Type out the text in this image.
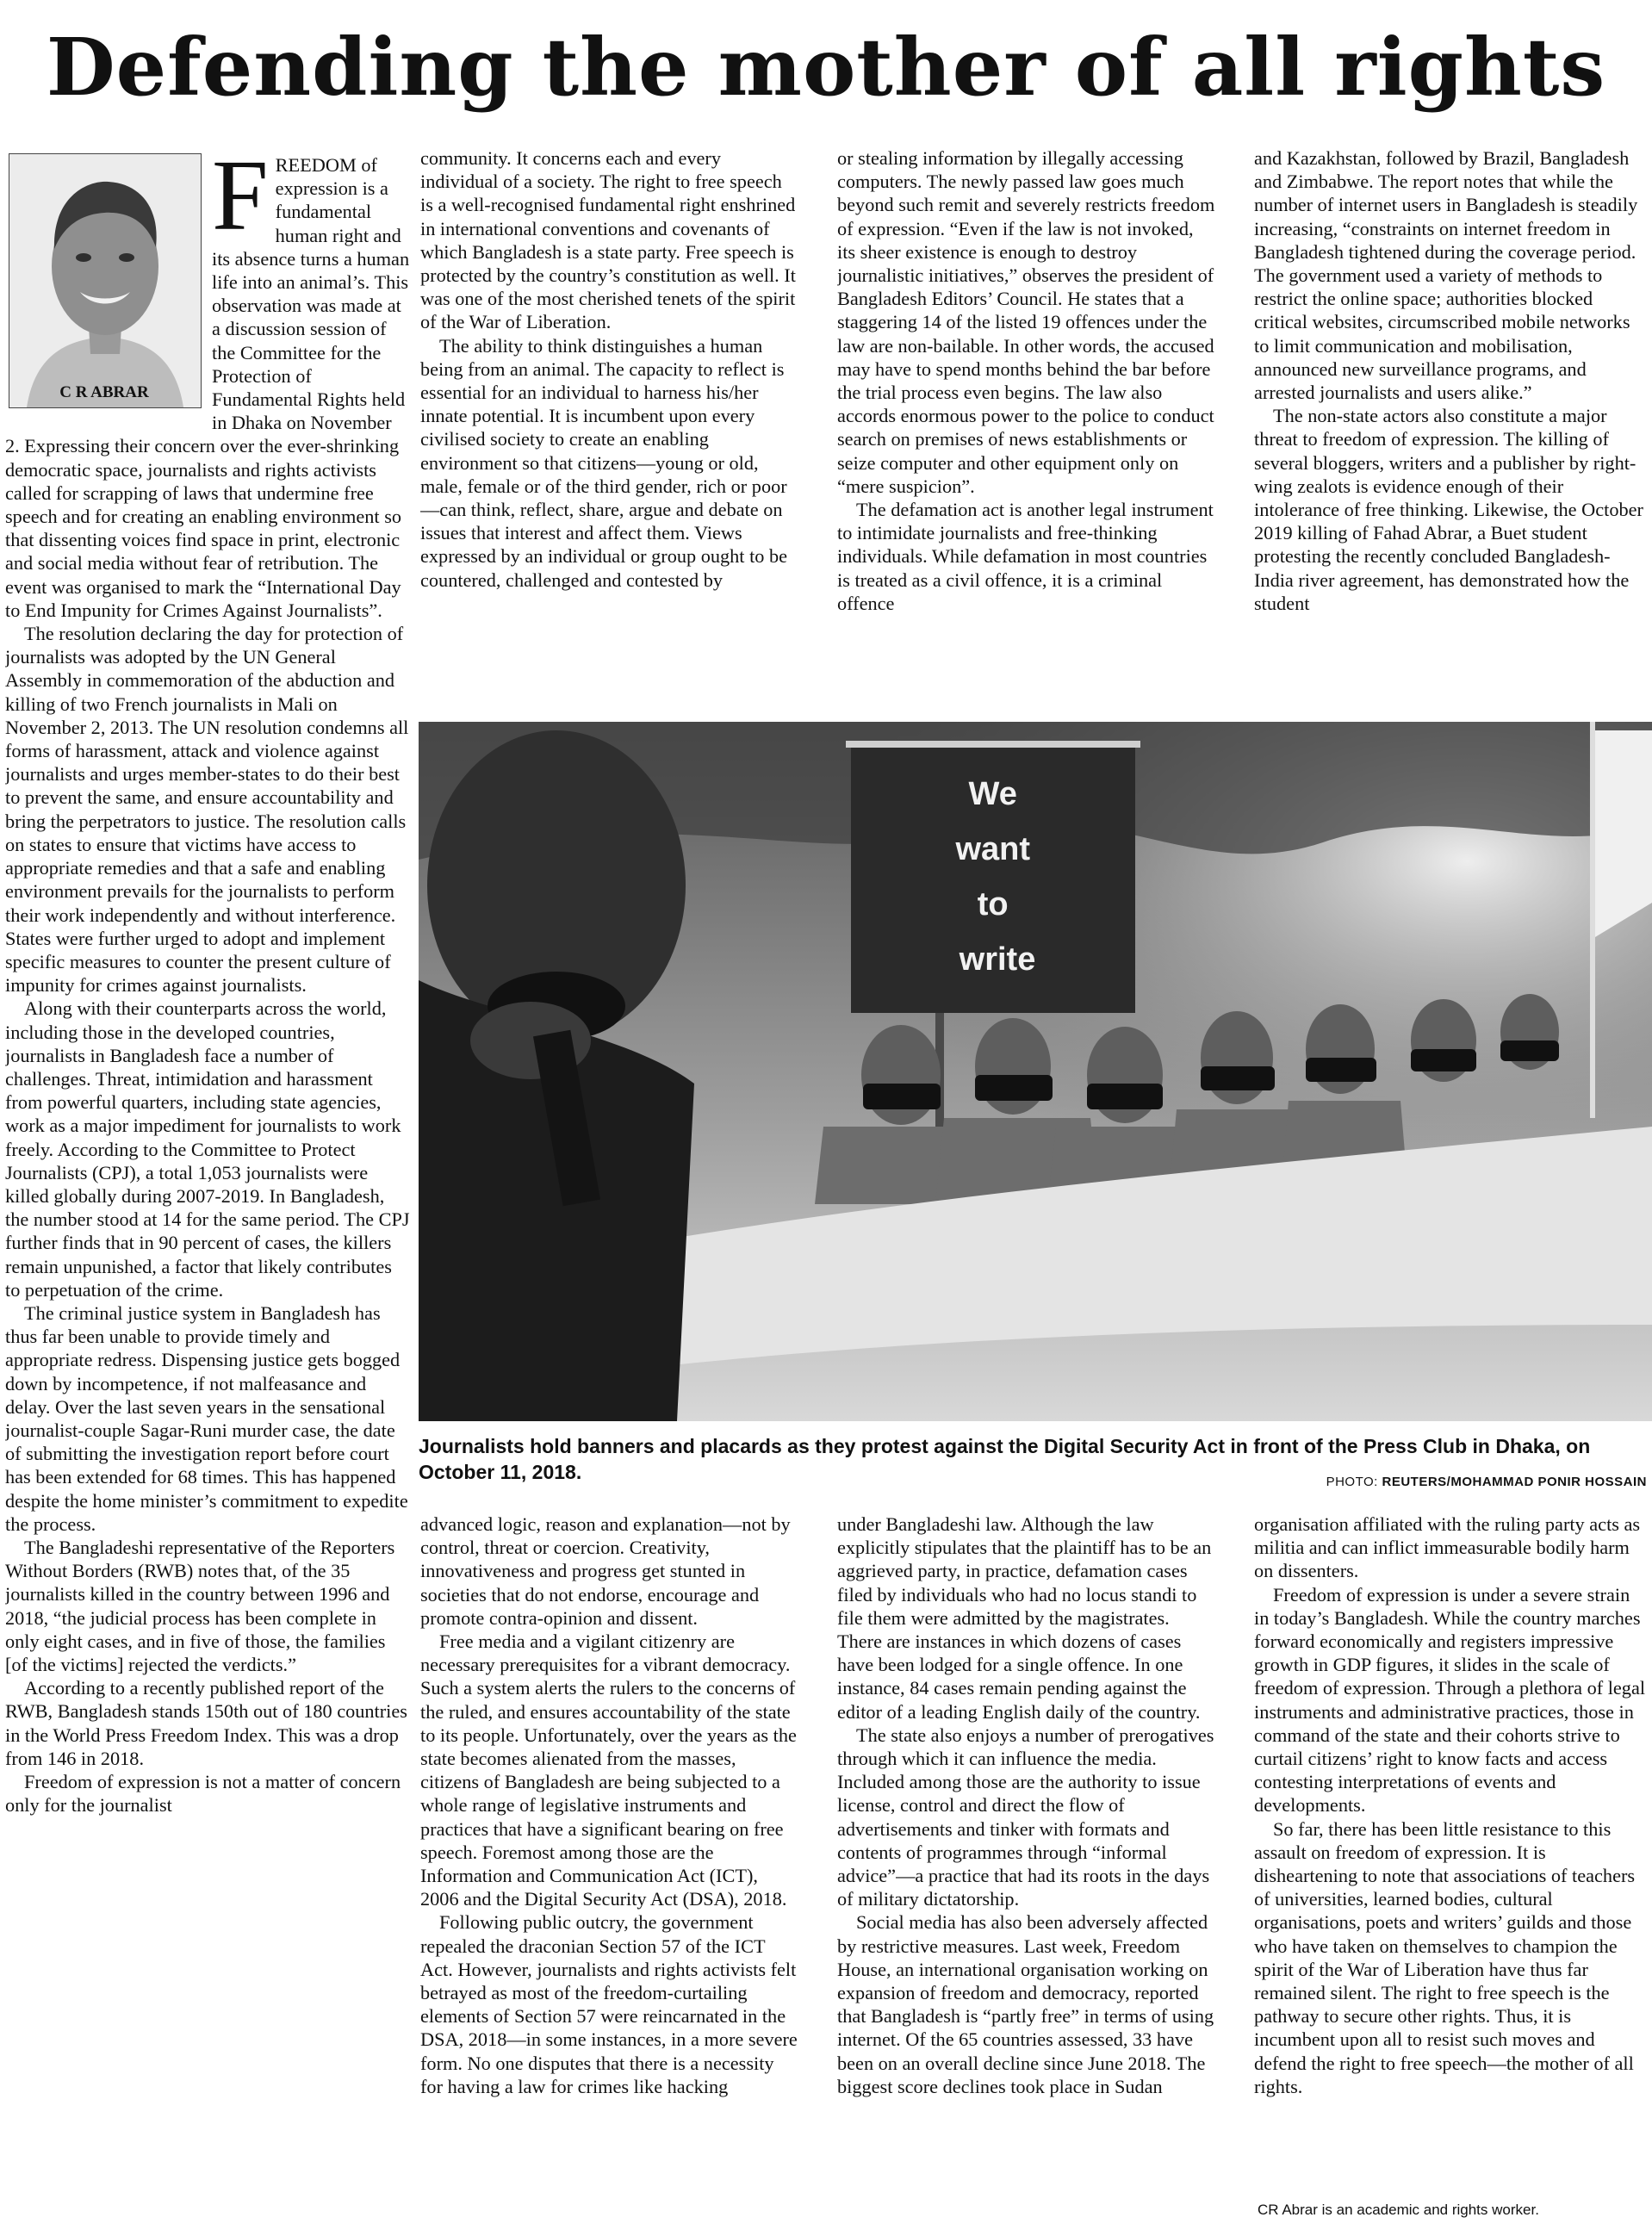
Defending the mother of all rights
C R ABRAR

FREEDOM of expression is a fundamental human right and its absence turns a human life into an animal’s. This observation was made at a discussion session of the Committee for the Protection of Fundamental Rights held in Dhaka on November 2. Expressing their concern over the ever-shrinking democratic space, journalists and rights activists called for scrapping of laws that undermine free speech and for creating an enabling environment so that dissenting voices find space in print, electronic and social media without fear of retribution. The event was organised to mark the “International Day to End Impunity for Crimes Against Journalists”.

The resolution declaring the day for protection of journalists was adopted by the UN General Assembly in commemoration of the abduction and killing of two French journalists in Mali on November 2, 2013. The UN resolution condemns all forms of harassment, attack and violence against journalists and urges member-states to do their best to prevent the same, and ensure accountability and bring the perpetrators to justice. The resolution calls on states to ensure that victims have access to appropriate remedies and that a safe and enabling environment prevails for the journalists to perform their work independently and without interference. States were further urged to adopt and implement specific measures to counter the present culture of impunity for crimes against journalists.

Along with their counterparts across the world, including those in the developed countries, journalists in Bangladesh face a number of challenges. Threat, intimidation and harassment from powerful quarters, including state agencies, work as a major impediment for journalists to work freely. According to the Committee to Protect Journalists (CPJ), a total 1,053 journalists were killed globally during 2007-2019. In Bangladesh, the number stood at 14 for the same period. The CPJ further finds that in 90 percent of cases, the killers remain unpunished, a factor that likely contributes to perpetuation of the crime.

The criminal justice system in Bangladesh has thus far been unable to provide timely and appropriate redress. Dispensing justice gets bogged down by incompetence, if not malfeasance and delay. Over the last seven years in the sensational journalist-couple Sagar-Runi murder case, the date of submitting the investigation report before court has been extended for 68 times. This has happened despite the home minister’s commitment to expedite the process.

The Bangladeshi representative of the Reporters Without Borders (RWB) notes that, of the 35 journalists killed in the country between 1996 and 2018, “the judicial process has been complete in only eight cases, and in five of those, the families [of the victims] rejected the verdicts.”

According to a recently published report of the RWB, Bangladesh stands 150th out of 180 countries in the World Press Freedom Index. This was a drop from 146 in 2018.

Freedom of expression is not a matter of concern only for the journalist

community. It concerns each and every individual of a society. The right to free speech is a well-recognised fundamental right enshrined in international conventions and covenants of which Bangladesh is a state party. Free speech is protected by the country’s constitution as well. It was one of the most cherished tenets of the spirit of the War of Liberation.

The ability to think distinguishes a human being from an animal. The capacity to reflect is essential for an individual to harness his/her innate potential. It is incumbent upon every civilised society to create an enabling environment so that citizens—young or old, male, female or of the third gender, rich or poor—can think, reflect, share, argue and debate on issues that interest and affect them. Views expressed by an individual or group ought to be countered, challenged and contested by

or stealing information by illegally accessing computers. The newly passed law goes much beyond such remit and severely restricts freedom of expression. “Even if the law is not invoked, its sheer existence is enough to destroy journalistic initiatives,” observes the president of Bangladesh Editors’ Council. He states that a staggering 14 of the listed 19 offences under the law are non-bailable. In other words, the accused may have to spend months behind the bar before the trial process even begins. The law also accords enormous power to the police to conduct search on premises of news establishments or seize computer and other equipment only on “mere suspicion”.

The defamation act is another legal instrument to intimidate journalists and free-thinking individuals. While defamation in most countries is treated as a civil offence, it is a criminal offence

and Kazakhstan, followed by Brazil, Bangladesh and Zimbabwe. The report notes that while the number of internet users in Bangladesh is steadily increasing, “constraints on internet freedom in Bangladesh tightened during the coverage period. The government used a variety of methods to restrict the online space; authorities blocked critical websites, circumscribed mobile networks to limit communication and mobilisation, announced new surveillance programs, and arrested journalists and users alike.”

The non-state actors also constitute a major threat to freedom of expression. The killing of several bloggers, writers and a publisher by right-wing zealots is evidence enough of their intolerance of free thinking. Likewise, the October 2019 killing of Fahad Abrar, a Buet student protesting the recently concluded Bangladesh-India river agreement, has demonstrated how the student

We want to write
Journalists hold banners and placards as they protest against the Digital Security Act in front of the Press Club in Dhaka, on October 11, 2018.	PHOTO: REUTERS/MOHAMMAD PONIR HOSSAIN

advanced logic, reason and explanation—not by control, threat or coercion. Creativity, innovativeness and progress get stunted in societies that do not endorse, encourage and promote contra-opinion and dissent.

Free media and a vigilant citizenry are necessary prerequisites for a vibrant democracy. Such a system alerts the rulers to the concerns of the ruled, and ensures accountability of the state to its people. Unfortunately, over the years as the state becomes alienated from the masses, citizens of Bangladesh are being subjected to a whole range of legislative instruments and practices that have a significant bearing on free speech. Foremost among those are the Information and Communication Act (ICT), 2006 and the Digital Security Act (DSA), 2018.

Following public outcry, the government repealed the draconian Section 57 of the ICT Act. However, journalists and rights activists felt betrayed as most of the freedom-curtailing elements of Section 57 were reincarnated in the DSA, 2018—in some instances, in a more severe form. No one disputes that there is a necessity for having a law for crimes like hacking

under Bangladeshi law. Although the law explicitly stipulates that the plaintiff has to be an aggrieved party, in practice, defamation cases filed by individuals who had no locus standi to file them were admitted by the magistrates. There are instances in which dozens of cases have been lodged for a single offence. In one instance, 84 cases remain pending against the editor of a leading English daily of the country.

The state also enjoys a number of prerogatives through which it can influence the media. Included among those are the authority to issue license, control and direct the flow of advertisements and tinker with formats and contents of programmes through “informal advice”—a practice that had its roots in the days of military dictatorship.

Social media has also been adversely affected by restrictive measures. Last week, Freedom House, an international organisation working on expansion of freedom and democracy, reported that Bangladesh is “partly free” in terms of using internet. Of the 65 countries assessed, 33 have been on an overall decline since June 2018. The biggest score declines took place in Sudan

organisation affiliated with the ruling party acts as militia and can inflict immeasurable bodily harm on dissenters.

Freedom of expression is under a severe strain in today’s Bangladesh. While the country marches forward economically and registers impressive growth in GDP figures, it slides in the scale of freedom of expression. Through a plethora of legal instruments and administrative practices, those in command of the state and their cohorts strive to curtail citizens’ right to know facts and access contesting interpretations of events and developments.

So far, there has been little resistance to this assault on freedom of expression. It is disheartening to note that associations of teachers of universities, learned bodies, cultural organisations, poets and writers’ guilds and those who have taken on themselves to champion the spirit of the War of Liberation have thus far remained silent. The right to free speech is the pathway to secure other rights. Thus, it is incumbent upon all to resist such moves and defend the right to free speech—the mother of all rights.

CR Abrar is an academic and rights worker.
